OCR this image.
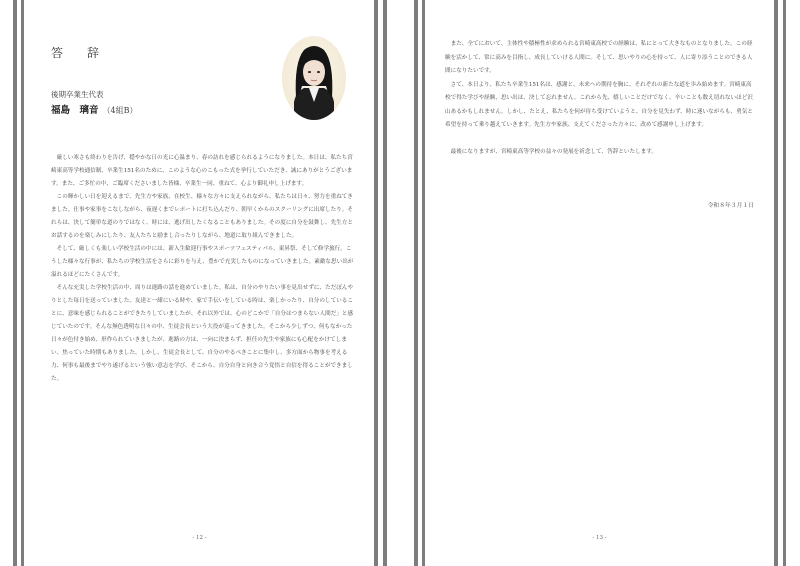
答　辞
後期卒業生代表
福島　璃音 （4組B）

厳しい寒さも終わりを告げ、穏やかな日の光に心温まり、春の訪れを感じられるようになりました。本日は、私たち宮崎東高等学校通信制、卒業生151名のために、このような心のこもった式を挙行していただき、誠にありがとうございます。また、ご多忙の中、ご臨席くださいました皆様、卒業生一同、重ねて、心より御礼申し上げます。

この輝かしい日を迎えるまで、先生方や家族、在校生、様々な方々に支えられながら、私たちは日々、努力を重ねてきました。仕事や家事をこなしながら、夜遅くまでレポートに打ち込んだり、朝早くからのスクーリングに出席したり。それらは、決して簡単な道のりではなく、時には、逃げ出したくなることもありました。その度に自分を鼓舞し、先生方とお話するのを楽しみにしたり、友人たちと励まし合ったりしながら、地道に取り組んできました。

そして、厳しくも楽しい学校生活の中には、新入生歓迎行事やスポーツフェスティバル、東昇祭、そして修学旅行。こうした様々な行事が、私たちの学校生活をさらに彩りを与え、豊かで充実したものになっていきました。素敵な思い出が溢れるほどにたくさんです。

そんな充実した学校生活の中、周りは進路の話を進めていました。私は、自分のやりたい事を見出せずに、ただぼんやりとした毎日を送っていました。友達と一緒にいる時や、家で手伝いをしている時は、楽しかったり、自分のしていることに、意味を感じられることができたりしていましたが、それ以外では、心のどこかで「自分はつまらない人間だ」と感じていたのです。そんな無色透明な日々の中、生徒会長という大役が巡ってきました。そこから少しずつ、何もなかった日々が色付き始め、形作られていきましたが、進路の方は、一向に決まらず、担任の先生や家族にも心配をかけてしまい、焦っていた時期もありました。しかし、生徒会長として、自分のやるべきことに集中し、多方面から物事を考える力、何事も最後までやり遂げるという強い意志を学び、そこから、自分自身と向き合う覚悟と自信を得ることができました。

- 12 -

また、全てにおいて、主体性や積極性が求められる宮崎東高校での経験は、私にとって大きなものとなりました。この経験を活かして、常に高みを目指し、成長していける人間に。そして、思いやりの心を持って、人に寄り添うことのできる人間になりたいです。

さて、本日より、私たち卒業生151名は、感謝と、未来への期待を胸に、それぞれの新たな道を歩み始めます。宮崎東高校で得た学びや経験、思い出は、決して忘れません。これから先、嬉しいことだけでなく、辛いことも数え切れないほど沢山あるかもしれません。しかし、たとえ、私たちを何が待ち受けていようと、自分を見失わず、時に迷いながらも、勇気と希望を持って乗り越えていきます。先生方や家族、支えてくださった方々に、改めて感謝申し上げます。

最後になりますが、宮崎東高等学校の益々の発展を祈念して、答辞といたします。

令和８年３月１日
- 13 -
